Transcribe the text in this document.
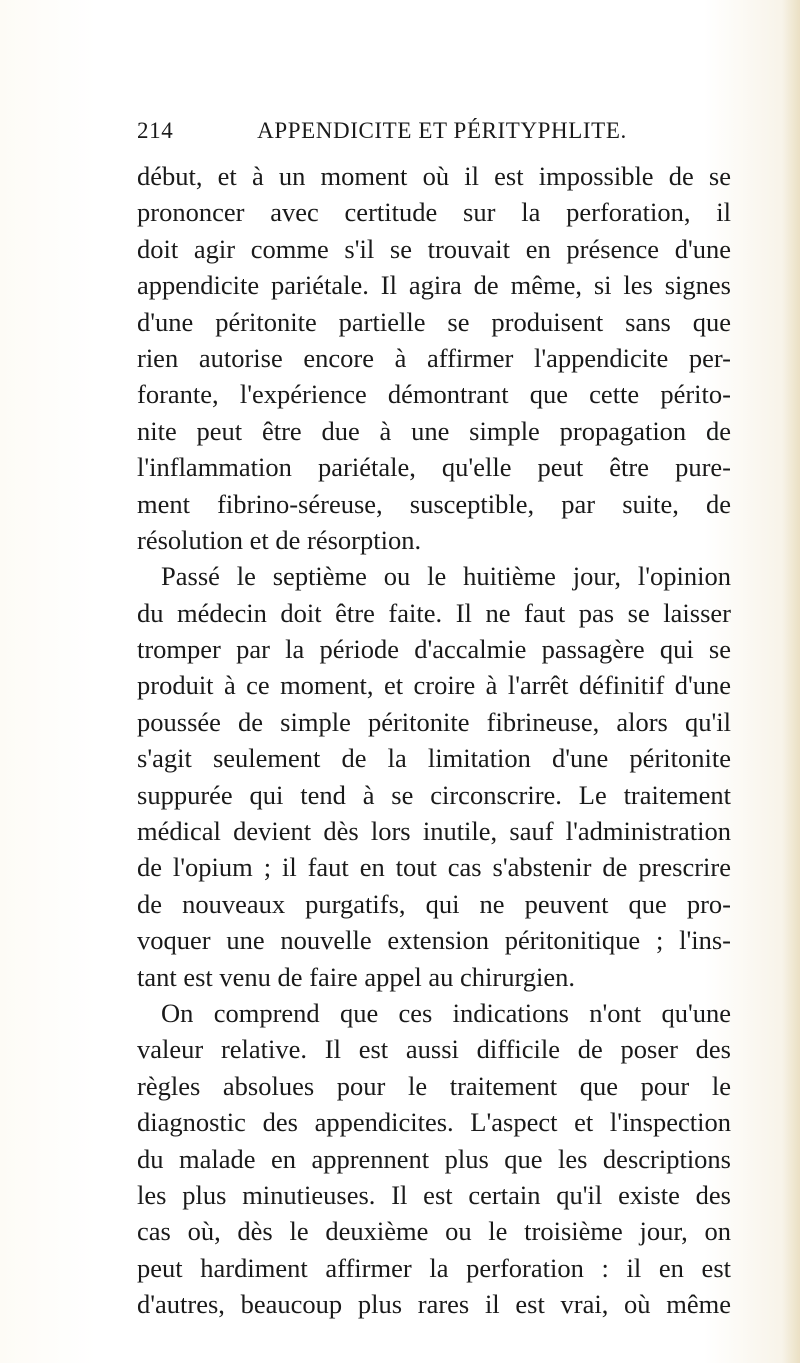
214	APPENDICITE ET PÉRITYPHLITE.
début, et à un moment où il est impossible de se
prononcer avec certitude sur la perforation, il
doit agir comme s'il se trouvait en présence d'une
appendicite pariétale. Il agira de même, si les signes
d'une péritonite partielle se produisent sans que
rien autorise encore à affirmer l'appendicite per-
forante, l'expérience démontrant que cette périto-
nite peut être due à une simple propagation de
l'inflammation pariétale, qu'elle peut être pure-
ment fibrino-séreuse, susceptible, par suite, de
résolution et de résorption.
Passé le septième ou le huitième jour, l'opinion
du médecin doit être faite. Il ne faut pas se laisser
tromper par la période d'accalmie passagère qui se
produit à ce moment, et croire à l'arrêt définitif d'une
poussée de simple péritonite fibrineuse, alors qu'il
s'agit seulement de la limitation d'une péritonite
suppurée qui tend à se circonscrire. Le traitement
médical devient dès lors inutile, sauf l'administration
de l'opium ; il faut en tout cas s'abstenir de prescrire
de nouveaux purgatifs, qui ne peuvent que pro-
voquer une nouvelle extension péritonitique ; l'ins-
tant est venu de faire appel au chirurgien.
On comprend que ces indications n'ont qu'une
valeur relative. Il est aussi difficile de poser des
règles absolues pour le traitement que pour le
diagnostic des appendicites. L'aspect et l'inspection
du malade en apprennent plus que les descriptions
les plus minutieuses. Il est certain qu'il existe des
cas où, dès le deuxième ou le troisième jour, on
peut hardiment affirmer la perforation : il en est
d'autres, beaucoup plus rares il est vrai, où même
